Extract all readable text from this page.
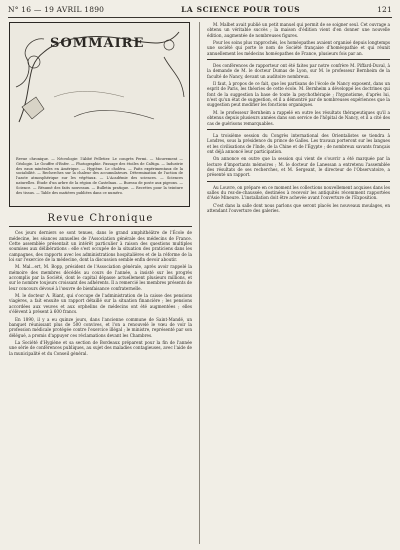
N° 16 — 19 AVRIL 1890	LA SCIENCE POUR TOUS	121
SOMMAIRE
Revue chronique. — Nécrologie: l'Abbé Pelletier. Le congrès Fermi. — Mouvement — Géologie. Le Gouffre d'Enfer. — Photographie. Passage des étoiles de Caltiga. — Industrie des eaux minérales en Amérique. — Hygiène. Le choléra. — Faits expérimentaux de la sociabilité. — Recherches sur la chaleur des accumulateurs. Détermination de l'action de l'azote atmosphérique sur les végétaux. — L'Académie des sciences. — Sciences naturelles. Étude d'un arbre de la région de Castelnau. — Bureau de poste aux pigeons. — Science. — Résumé des faits nouveaux. — Bulletin pratique. — Recettes pour la teinture des tissus. — Table des matières publiées dans ce numéro.
Revue Chronique

Ces jours derniers se sont tenues, dans le grand amphithéâtre de l'École de médecine, les séances annuelles de l'Association générale des médecins de France. Cette assemblée présentait un intérêt particulier à raison des questions multiples soumises aux délibérations : elle s'est occupée de la situation des praticiens dans les campagnes, des rapports avec les administrations hospitalières et de la réforme de la loi sur l'exercice de la médecine, dont la discussion semble enfin devoir aboutir.

M. Mal...ert, M. Bopp, président de l'Association générale, après avoir rappelé la mémoire des membres décédés au cours de l'année, a insisté sur les progrès accomplis par la Société, dont le capital dépasse actuellement plusieurs millions, et sur le nombre toujours croissant des adhérents. Il a remercié les membres présents de leur concours dévoué à l'œuvre de bienfaisance confraternelle.

M. le docteur A. Riant, qui s'occupe de l'administration de la caisse des pensions viagères, a fait ensuite un rapport détaillé sur la situation financière ; les pensions accordées aux veuves et aux orphelins de médecins ont été augmentées ; elles s'élèvent à présent à 600 francs.

En 1890, il y a eu quinze jours, dans l'ancienne commune de Saint-Mandé, un banquet réunissant plus de 500 convives, et l'on a renouvelé le vœu de voir la profession médicale protégée contre l'exercice illégal ; le ministre, représenté par son délégué, a promis d'appuyer ces réclamations devant les Chambres.

La Société d'Hygiène et sa section de Bordeaux préparent pour la fin de l'année une série de conférences publiques, au sujet des maladies contagieuses, avec l'aide de la municipalité et du Conseil général.

M. Malbet avait publié un petit manuel qui permit de se soigner seul. Cet ouvrage a obtenu un véritable succès ; la maison d'édition vient d'en donner une nouvelle édition, augmentée de nombreuses figures.

Pour les soins plus rapprochés, les homéopathes avaient organisé depuis longtemps une société qui porte le nom de Société française d'homéopathie et qui réunit annuellement les médecins homéopathes de France, plusieurs fois par an.

Des conférences de rapporteur ont été faites par notre confrère M. Piffard-Duval, à la demande de M. le docteur Dumas de Lyon, sur M. le professeur Bernheim de la faculté de Nancy, devant un auditoire nombreux.

Il faut, à propos de ce fait, que les partisans de l'école de Nancy exposent, dans un esprit de Paris, les théories de cette école. M. Bernheim a développé les doctrines qui font de la suggestion la base de toute la psychothérapie ; l'hypnotisme, d'après lui, n'est qu'un état de suggestion, et il a démontré par de nombreuses expériences que la suggestion peut modifier les fonctions organiques.

M. le professeur Bernheim a rappelé en outre les résultats thérapeutiques qu'il a obtenus depuis plusieurs années dans son service de l'hôpital de Nancy, et il a cité des cas de guérisons remarquables.

La troisième session du Congrès international des Orientalistes se tiendra à Londres, sous la présidence du prince de Galles. Les travaux porteront sur les langues et les civilisations de l'Inde, de la Chine et de l'Égypte ; de nombreux savants français ont déjà annoncé leur participation.

On annonce en outre que la session qui vient de s'ouvrir a été marquée par la lecture d'importants mémoires ; M. le docteur de Lanessan a entretenu l'assemblée des résultats de ses recherches, et M. Sergeant, le directeur de l'Observatoire, a présenté un rapport.

Au Louvre, on prépare en ce moment les collections nouvellement acquises dans les salles du rez-de-chaussée, destinées à recevoir les antiquités récemment rapportées d'Asie Mineure. L'installation doit être achevée avant l'ouverture de l'Exposition.

C'est dans la salle dont nous parlons que seront placés les nouveaux moulages, en attendant l'ouverture des galeries.
